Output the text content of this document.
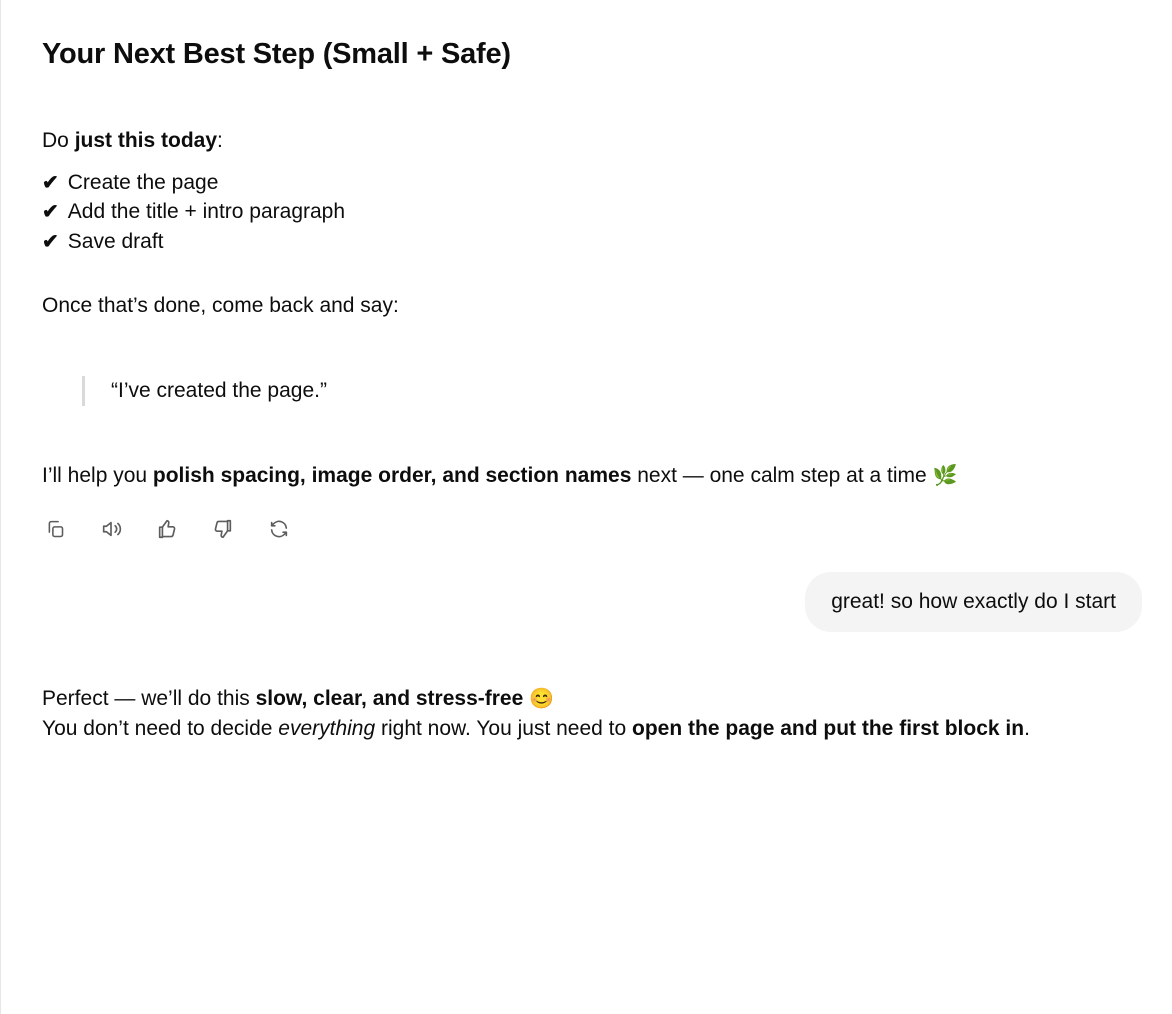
Your Next Best Step (Small + Safe)

Do just this today:

✔ Create the page

✔ Add the title + intro paragraph

✔ Save draft

Once that’s done, come back and say:

“I’ve created the page.”

I’ll help you polish spacing, image order, and section names next — one calm step at a time 🌿

great! so how exactly do I start

Perfect — we’ll do this slow, clear, and stress-free 😊

You don’t need to decide everything right now. You just need to open the page and put the first block in.
